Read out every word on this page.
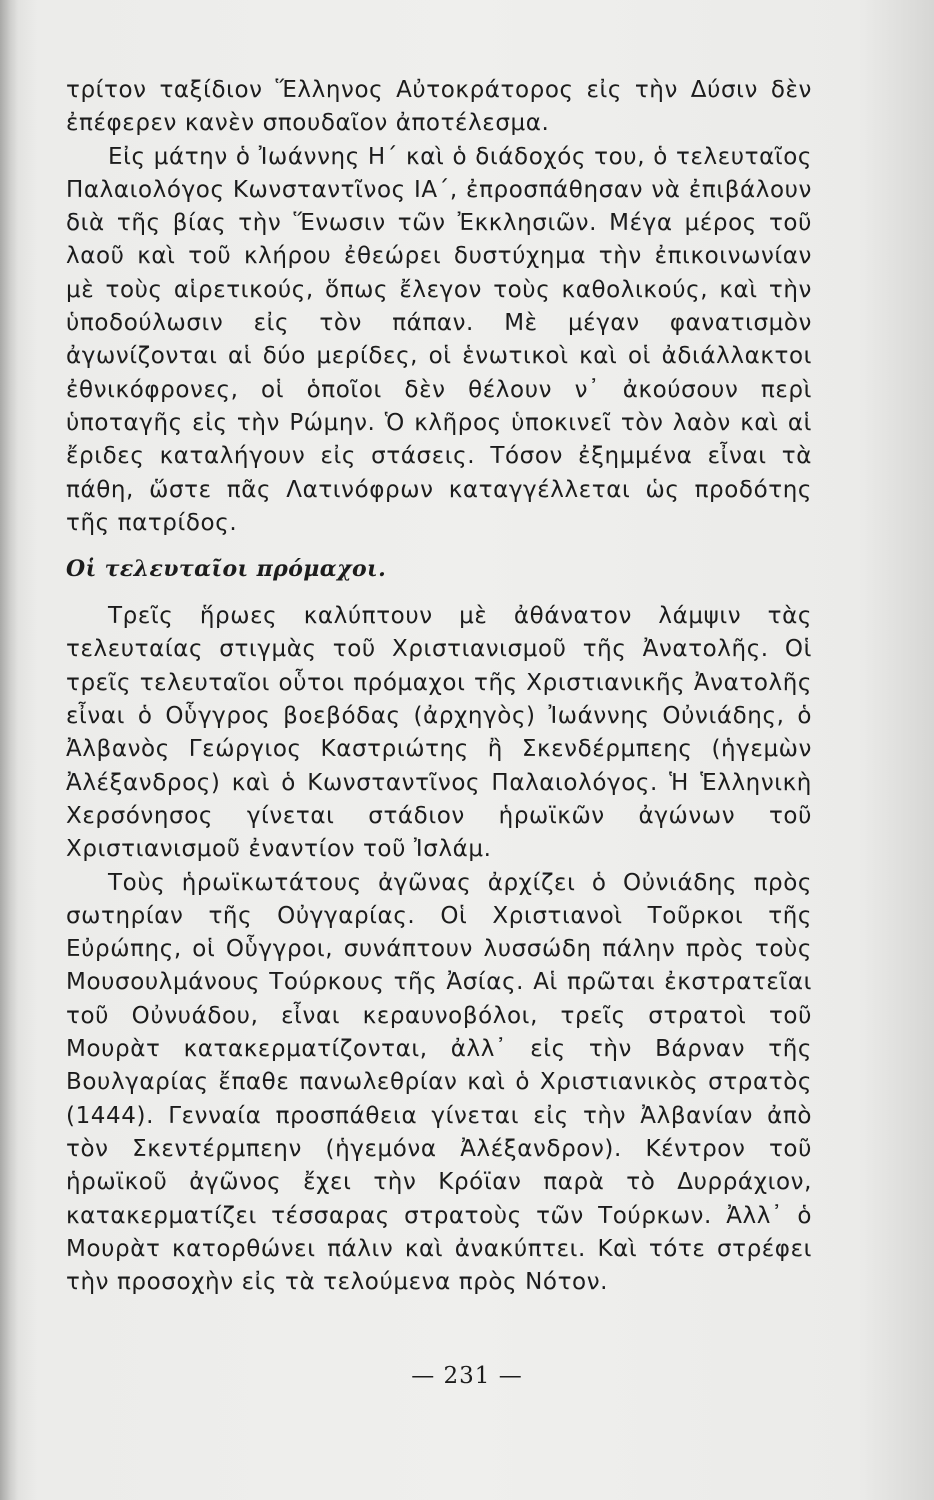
τρίτον ταξίδιον Ἕλληνος Αὐτοκράτορος εἰς τὴν Δύσιν δὲν ἐπέφερεν κανὲν σπουδαῖον ἀποτέλεσμα.

Εἰς μάτην ὁ Ἰωάννης Η΄ καὶ ὁ διάδοχός του, ὁ τελευταῖος Παλαιολόγος Κωνσταντῖνος ΙΑ΄, ἐπροσπάθησαν νὰ ἐπιβάλουν διὰ τῆς βίας τὴν Ἕνωσιν τῶν Ἐκκλησιῶν. Μέγα μέρος τοῦ λαοῦ καὶ τοῦ κλήρου ἐθεώρει δυστύχημα τὴν ἐπικοινωνίαν μὲ τοὺς αἱρετικούς, ὅπως ἔλεγον τοὺς καθολικούς, καὶ τὴν ὑποδούλωσιν εἰς τὸν πάπαν. Μὲ μέγαν φανατισμὸν ἀγωνίζονται αἱ δύο μερίδες, οἱ ἑνωτικοὶ καὶ οἱ ἀδιάλλακτοι ἐθνικόφρονες, οἱ ὁποῖοι δὲν θέλουν ν᾿ ἀκούσουν περὶ ὑποταγῆς εἰς τὴν Ρώμην. Ὁ κλῆρος ὑποκινεῖ τὸν λαὸν καὶ αἱ ἔριδες καταλήγουν εἰς στάσεις. Τόσον ἐξημμένα εἶναι τὰ πάθη, ὥστε πᾶς Λατινόφρων καταγγέλλεται ὡς προδότης τῆς πατρίδος.

Οἱ τελευταῖοι πρόμαχοι.

Τρεῖς ἥρωες καλύπτουν μὲ ἀθάνατον λάμψιν τὰς τελευταίας στιγμὰς τοῦ Χριστιανισμοῦ τῆς Ἀνατολῆς. Οἱ τρεῖς τελευταῖοι οὗτοι πρόμαχοι τῆς Χριστιανικῆς Ἀνατολῆς εἶναι ὁ Οὗγγρος βοεβόδας (ἀρχηγὸς) Ἰωάννης Οὐνιάδης, ὁ Ἀλβανὸς Γεώργιος Καστριώτης ἢ Σκενδέρμπεης (ἡγεμὼν Ἀλέξανδρος) καὶ ὁ Κωνσταντῖνος Παλαιολόγος. Ἡ Ἑλληνικὴ Χερσόνησος γίνεται στάδιον ἡρωϊκῶν ἀγώνων τοῦ Χριστιανισμοῦ ἐναντίον τοῦ Ἰσλάμ.

Τοὺς ἡρωϊκωτάτους ἀγῶνας ἀρχίζει ὁ Οὐνιάδης πρὸς σωτηρίαν τῆς Οὐγγαρίας. Οἱ Χριστιανοὶ Τοῦρκοι τῆς Εὐρώπης, οἱ Οὗγγροι, συνάπτουν λυσσώδη πάλην πρὸς τοὺς Μουσουλμάνους Τούρκους τῆς Ἀσίας. Αἱ πρῶται ἐκστρατεῖαι τοῦ Οὐνυάδου, εἶναι κεραυνοβόλοι, τρεῖς στρατοὶ τοῦ Μουρὰτ κατακερματίζονται, ἀλλ᾿ εἰς τὴν Βάρναν τῆς Βουλγαρίας ἔπαθε πανωλεθρίαν καὶ ὁ Χριστιανικὸς στρατὸς (1444). Γενναία προσπάθεια γίνεται εἰς τὴν Ἀλβανίαν ἀπὸ τὸν Σκεντέρμπεην (ἡγεμόνα Ἀλέξανδρον). Κέντρον τοῦ ἡρωϊκοῦ ἀγῶνος ἔχει τὴν Κρόϊαν παρὰ τὸ Δυρράχιον, κατακερματίζει τέσσαρας στρατοὺς τῶν Τούρκων. Ἀλλ᾿ ὁ Μουρὰτ κατορθώνει πάλιν καὶ ἀνακύπτει. Καὶ τότε στρέφει τὴν προσοχὴν εἰς τὰ τελούμενα πρὸς Νότον.

— 231 —
